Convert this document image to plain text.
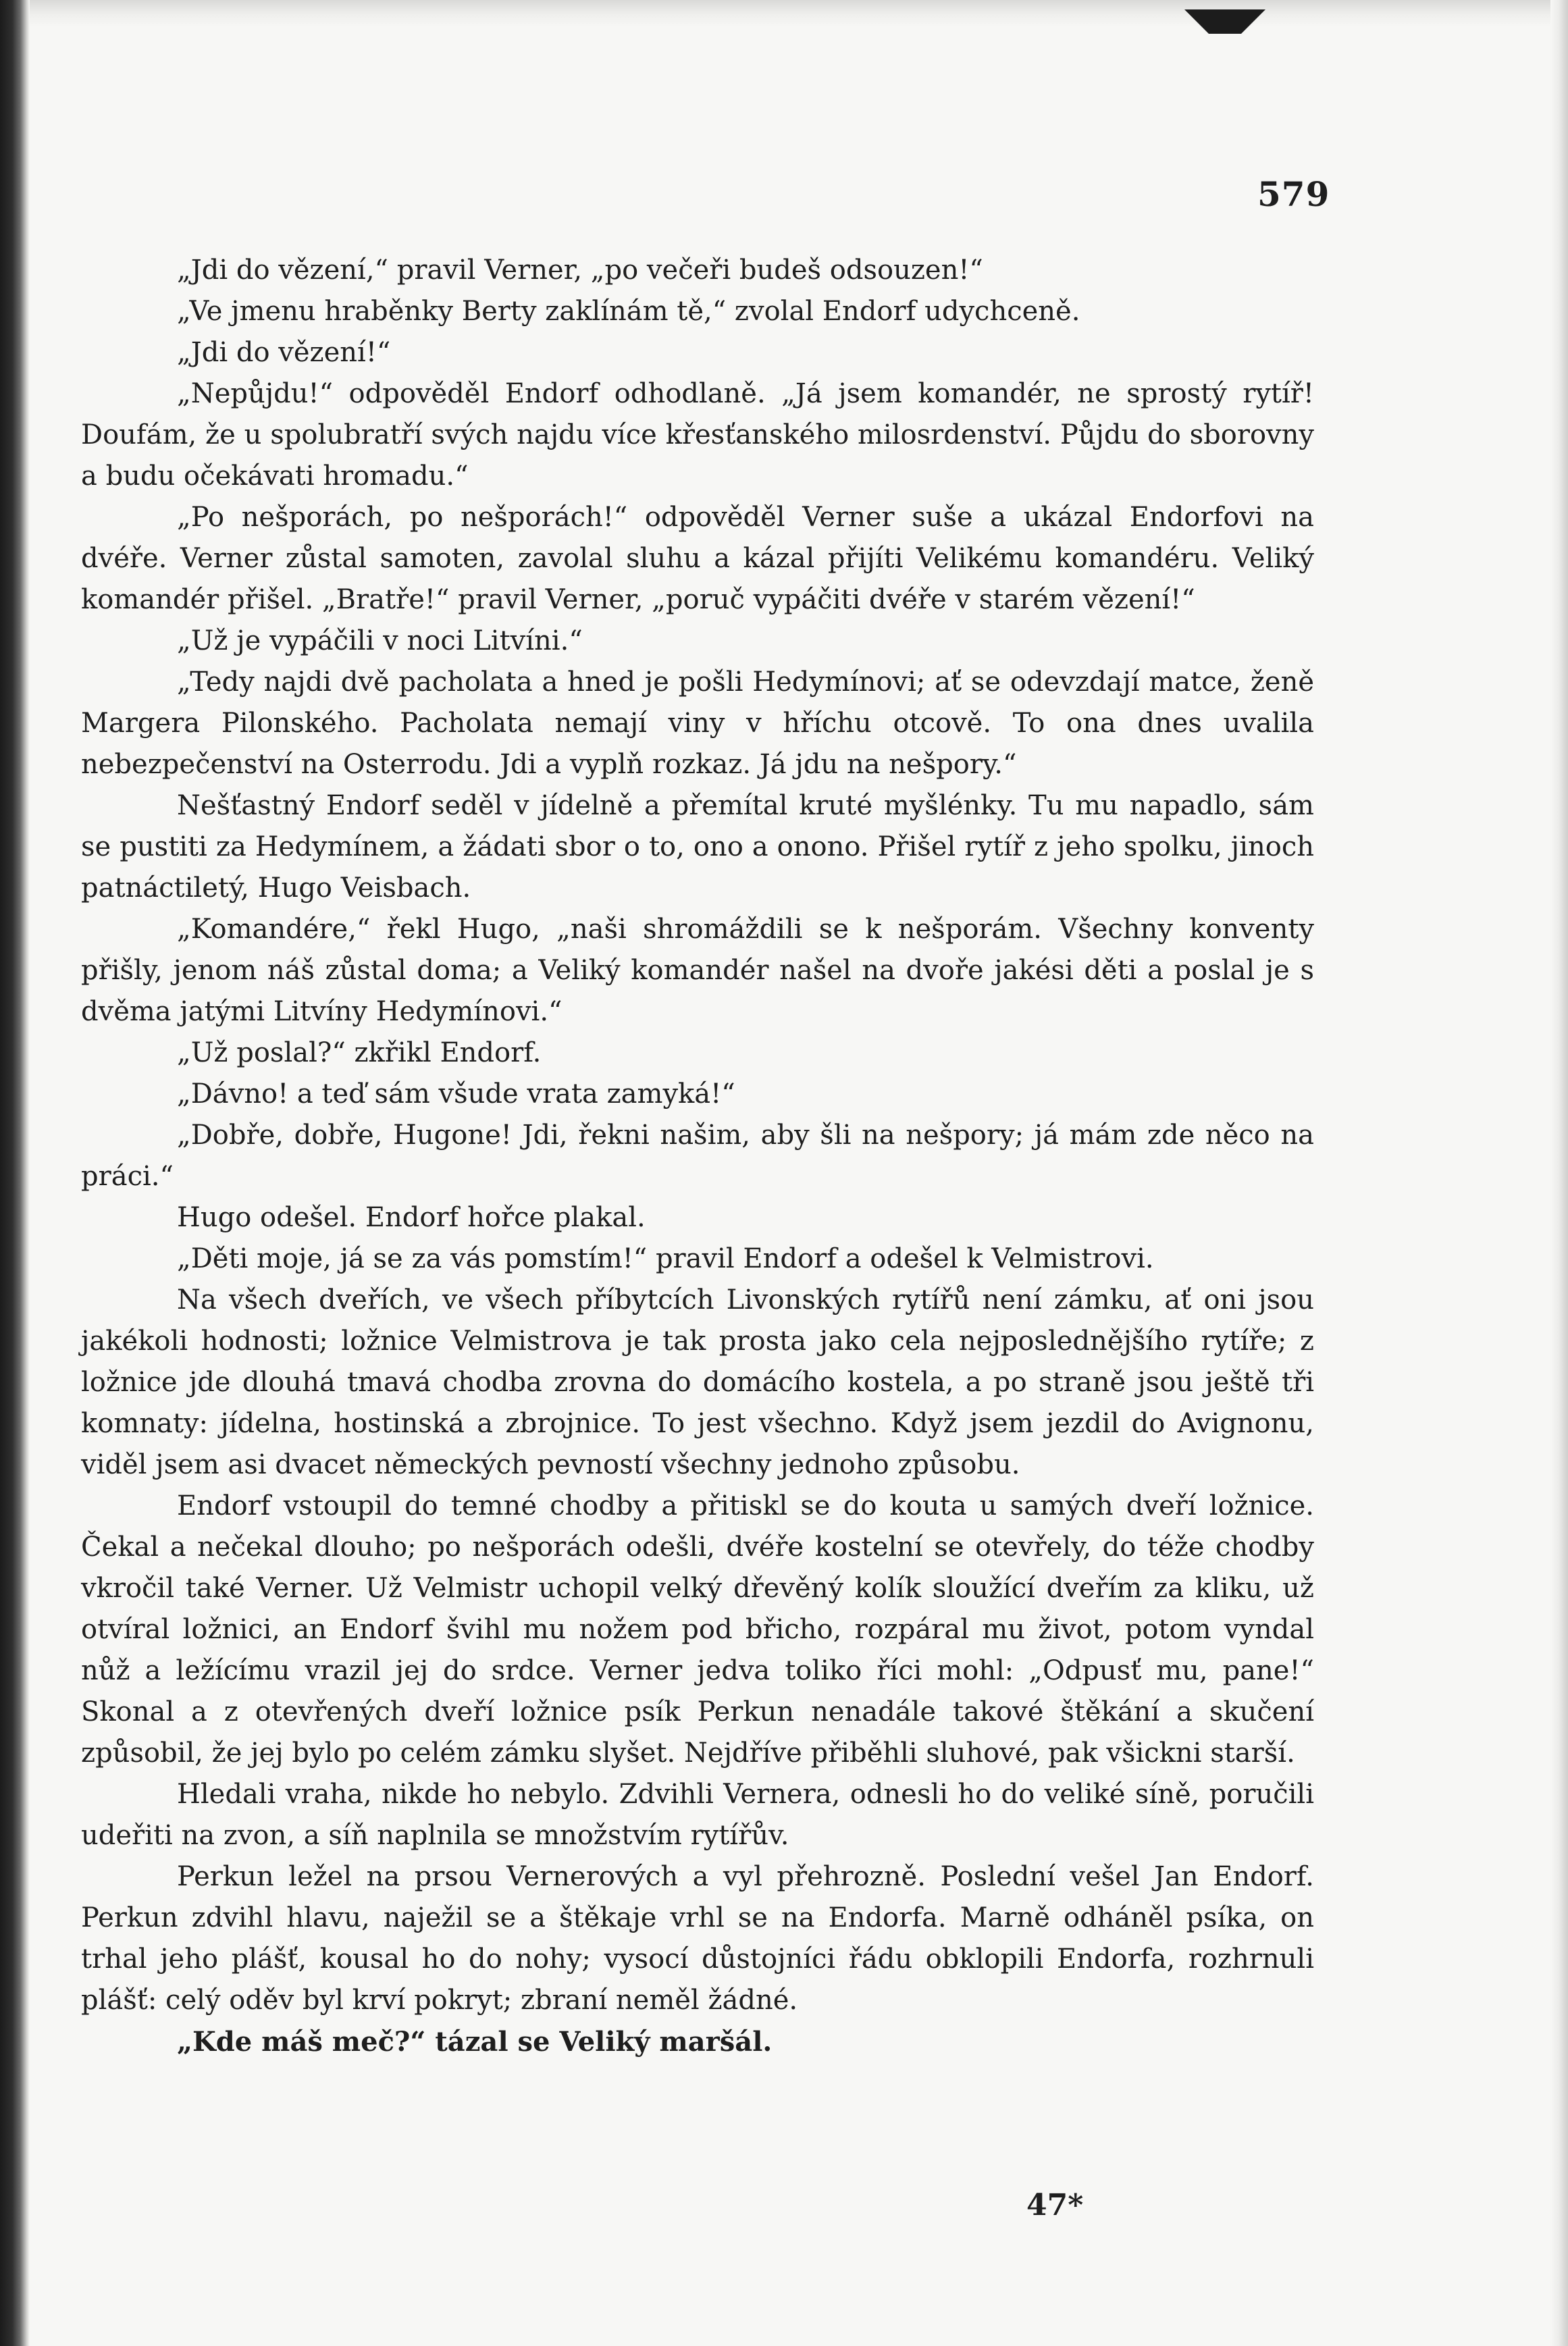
579

„Jdi do vězení,“ pravil Verner, „po večeři budeš odsouzen!“

„Ve jmenu hraběnky Berty zaklínám tě,“ zvolal Endorf udychceně.

„Jdi do vězení!“

„Nepůjdu!“ odpověděl Endorf odhodlaně. „Já jsem komandér, ne sprostý rytíř! Doufám, že u spolubratří svých najdu více křesťanského milosrdenství. Půjdu do sborovny a budu očekávati hromadu.“

„Po nešporách, po nešporách!“ odpověděl Verner suše a ukázal Endorfovi na dvéře. Verner zůstal samoten, zavolal sluhu a kázal přijíti Velikému komandéru. Veliký komandér přišel. „Bratře!“ pravil Verner, „poruč vypáčiti dvéře v starém vězení!“

„Už je vypáčili v noci Litvíni.“

„Tedy najdi dvě pacholata a hned je pošli Hedymínovi; ať se odevzdají matce, ženě Margera Pilonského. Pacholata nemají viny v hříchu otcově. To ona dnes uvalila nebezpečenství na Osterrodu. Jdi a vyplň rozkaz. Já jdu na nešpory.“

Nešťastný Endorf seděl v jídelně a přemítal kruté myšlénky. Tu mu napadlo, sám se pustiti za Hedymínem, a žádati sbor o to, ono a onono. Přišel rytíř z jeho spolku, jinoch patnáctiletý, Hugo Veisbach.

„Komandére,“ řekl Hugo, „naši shromáždili se k nešporám. Všechny konventy přišly, jenom náš zůstal doma; a Veliký komandér našel na dvoře jakési děti a poslal je s dvěma jatými Litvíny Hedymínovi.“

„Už poslal?“ zkřikl Endorf.

„Dávno! a teď sám všude vrata zamyká!“

„Dobře, dobře, Hugone! Jdi, řekni našim, aby šli na nešpory; já mám zde něco na práci.“

Hugo odešel. Endorf hořce plakal.

„Děti moje, já se za vás pomstím!“ pravil Endorf a odešel k Velmistrovi.

Na všech dveřích, ve všech příbytcích Livonských rytířů není zámku, ať oni jsou jakékoli hodnosti; ložnice Velmistrova je tak prosta jako cela nejposlednějšího rytíře; z ložnice jde dlouhá tmavá chodba zrovna do domácího kostela, a po straně jsou ještě tři komnaty: jídelna, hostinská a zbrojnice. To jest všechno. Když jsem jezdil do Avignonu, viděl jsem asi dvacet německých pevností všechny jednoho způsobu.

Endorf vstoupil do temné chodby a přitiskl se do kouta u samých dveří ložnice. Čekal a nečekal dlouho; po nešporách odešli, dvéře kostelní se otevřely, do téže chodby vkročil také Verner. Už Velmistr uchopil velký dřevěný kolík sloužící dveřím za kliku, už otvíral ložnici, an Endorf švihl mu nožem pod břicho, rozpáral mu život, potom vyndal nůž a ležícímu vrazil jej do srdce. Verner jedva toliko říci mohl: „Odpusť mu, pane!“ Skonal a z otevřených dveří ložnice psík Perkun nenadále takové štěkání a skučení způsobil, že jej bylo po celém zámku slyšet. Nejdříve přiběhli sluhové, pak všickni starší.

Hledali vraha, nikde ho nebylo. Zdvihli Vernera, odnesli ho do veliké síně, poručili udeřiti na zvon, a síň naplnila se množstvím rytířův.

Perkun ležel na prsou Vernerových a vyl přehrozně. Poslední vešel Jan Endorf. Perkun zdvihl hlavu, naježil se a štěkaje vrhl se na Endorfa. Marně odháněl psíka, on trhal jeho plášť, kousal ho do nohy; vysocí důstojníci řádu obklopili Endorfa, rozhrnuli plášť: celý oděv byl krví pokryt; zbraní neměl žádné.

„Kde máš meč?“ tázal se Veliký maršál.

47*
